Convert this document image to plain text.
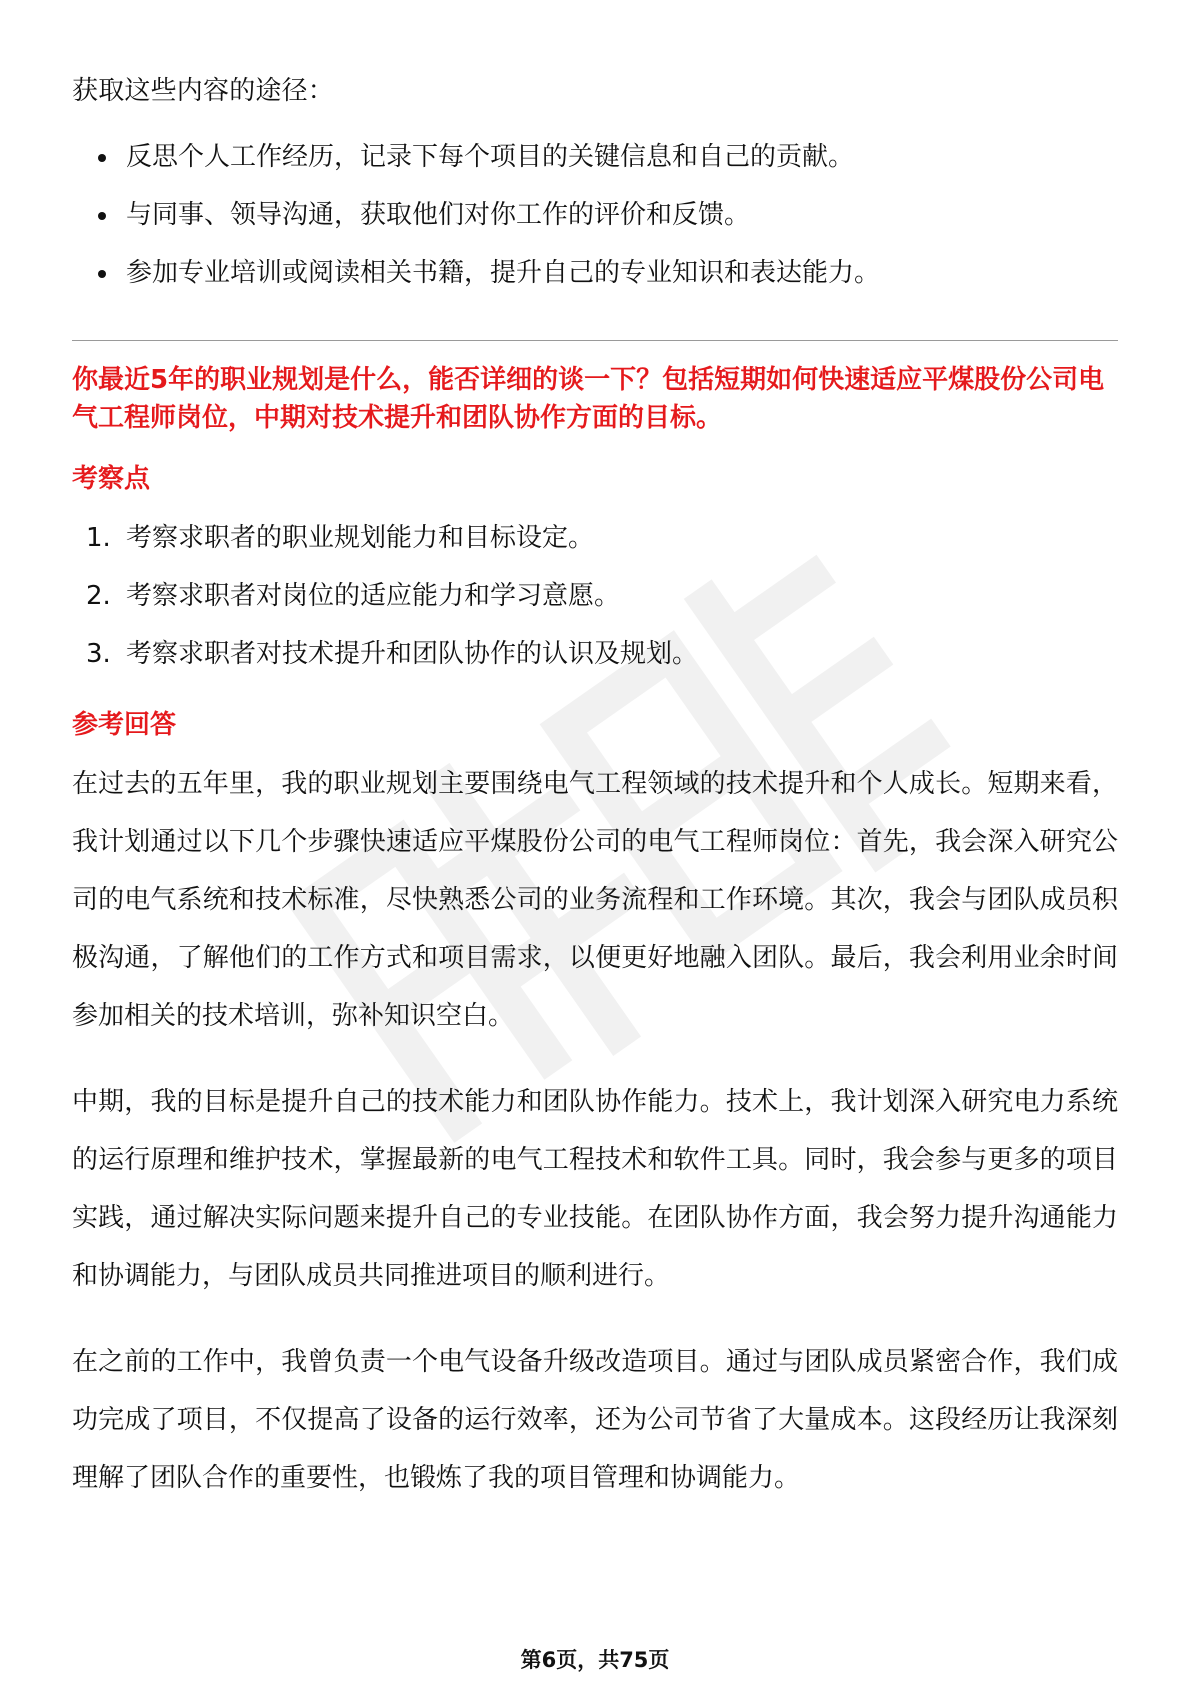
获取这些内容的途径：

反思个人工作经历，记录下每个项目的关键信息和自己的贡献。
与同事、领导沟通，获取他们对你工作的评价和反馈。
参加专业培训或阅读相关书籍，提升自己的专业知识和表达能力。

你最近5年的职业规划是什么，能否详细的谈一下？包括短期如何快速适应平煤股份公司电气工程师岗位，中期对技术提升和团队协作方面的目标。

考察点
1. 考察求职者的职业规划能力和目标设定。
2. 考察求职者对岗位的适应能力和学习意愿。
3. 考察求职者对技术提升和团队协作的认识及规划。
参考回答

在过去的五年里，我的职业规划主要围绕电气工程领域的技术提升和个人成长。短期来看，我计划通过以下几个步骤快速适应平煤股份公司的电气工程师岗位：首先，我会深入研究公司的电气系统和技术标准，尽快熟悉公司的业务流程和工作环境。其次，我会与团队成员积极沟通，了解他们的工作方式和项目需求，以便更好地融入团队。最后，我会利用业余时间参加相关的技术培训，弥补知识空白。

中期，我的目标是提升自己的技术能力和团队协作能力。技术上，我计划深入研究电力系统的运行原理和维护技术，掌握最新的电气工程技术和软件工具。同时，我会参与更多的项目实践，通过解决实际问题来提升自己的专业技能。在团队协作方面，我会努力提升沟通能力和协调能力，与团队成员共同推进项目的顺利进行。

在之前的工作中，我曾负责一个电气设备升级改造项目。通过与团队成员紧密合作，我们成功完成了项目，不仅提高了设备的运行效率，还为公司节省了大量成本。这段经历让我深刻理解了团队合作的重要性，也锻炼了我的项目管理和协调能力。

第6页，共75页
